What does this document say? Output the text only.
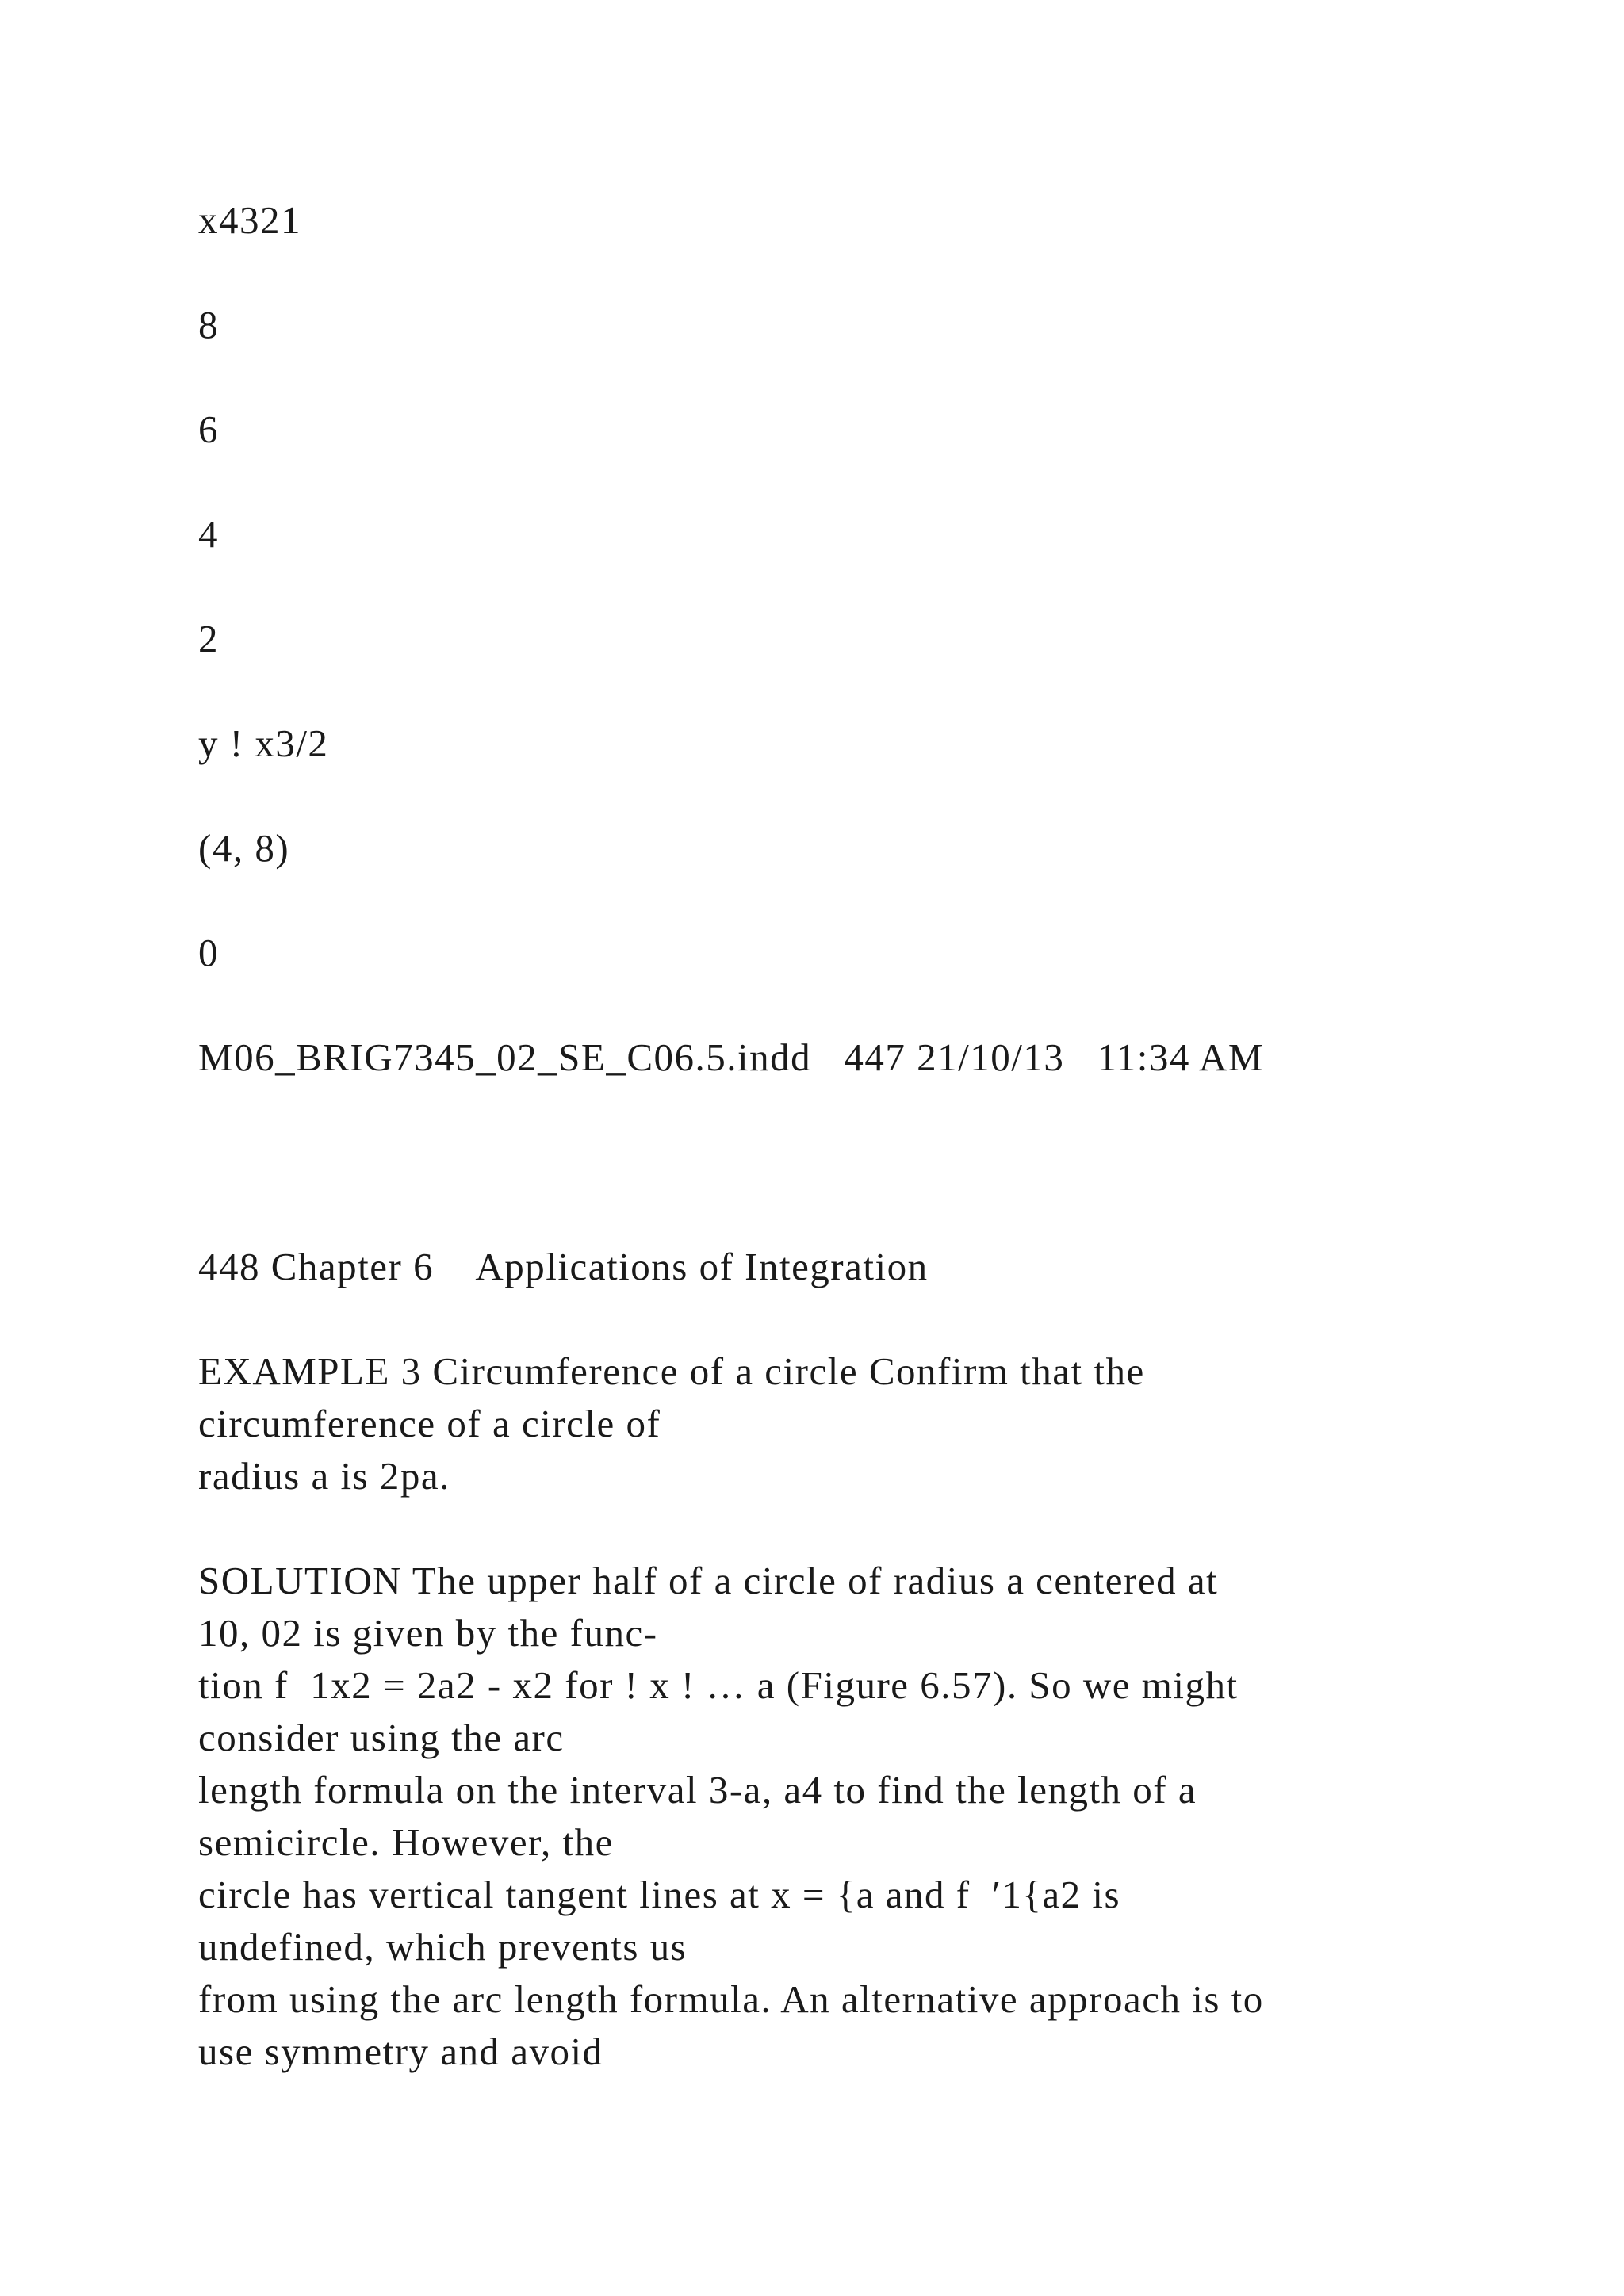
x4321
8
6
4
2
y ! x3/2
(4, 8)
0
M06_BRIG7345_02_SE_C06.5.indd   447 21/10/13   11:34 AM
448 Chapter 6    Applications of Integration
EXAMPLE 3 Circumference of a circle Confirm that the
circumference of a circle of
radius a is 2pa.
SOLUTION The upper half of a circle of radius a centered at
10, 02 is given by the func-
tion f  1x2 = 2a2 - x2 for ! x ! … a (Figure 6.57). So we might
consider using the arc
length formula on the interval 3-a, a4 to find the length of a
semicircle. However, the
circle has vertical tangent lines at x = {a and f  ′1{a2 is
undefined, which prevents us
from using the arc length formula. An alternative approach is to
use symmetry and avoid
